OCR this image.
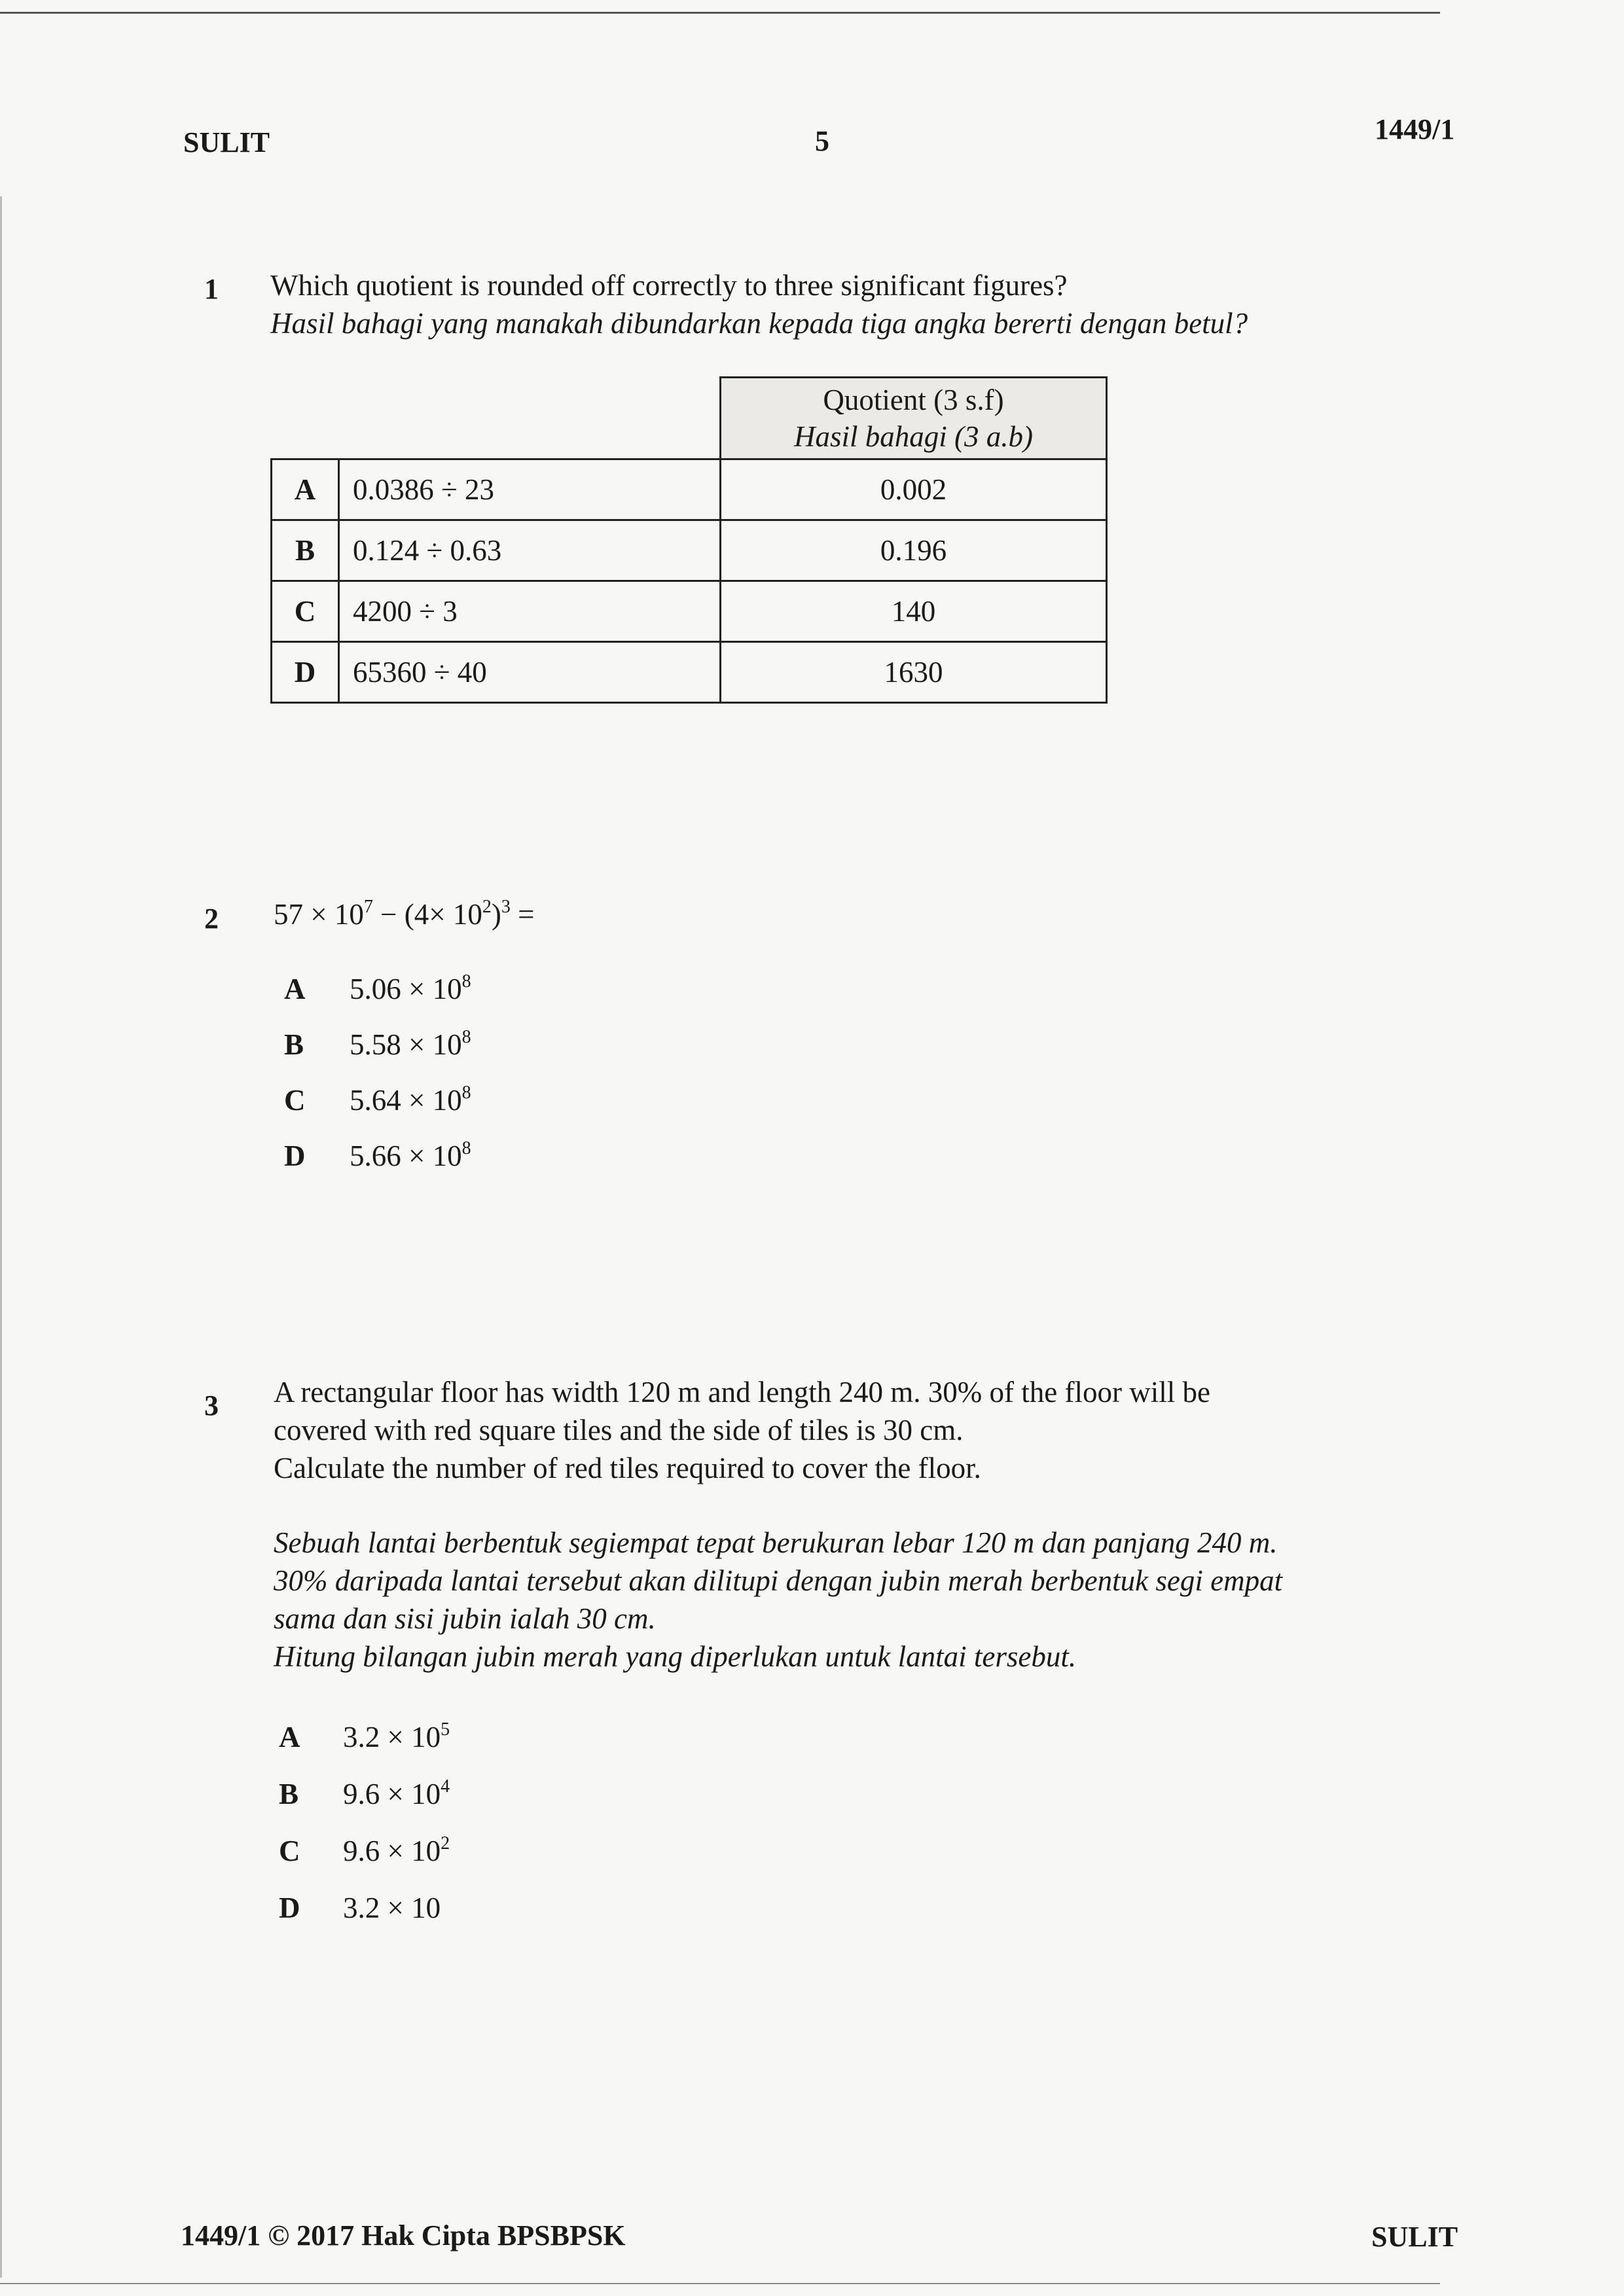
SULIT	5	1449/1
1 Which quotient is rounded off correctly to three significant figures?
Hasil bahagi yang manakah dibundarkan kepada tiga angka bererti dengan betul?

		Quotient (3 s.f)
Hasil bahagi (3 a.b)

A	0.0386 ÷ 23	0.002
B	0.124 ÷ 0.63	0.196
C	4200 ÷ 3	140
D	65360 ÷ 40	1630
2 $57 \times 10^7 - (4\times 10^2)^3$ =
A $5.06 \times 10^8$
B $5.58 \times 10^8$
C $5.64 \times 10^8$
D $5.66 \times 10^8$
3 A rectangular floor has width 120 m and length 240 m. 30% of the floor will be
covered with red square tiles and the side of tiles is 30 cm.
Calculate the number of red tiles required to cover the floor.
Sebuah lantai berbentuk segiempat tepat berukuran lebar 120 m dan panjang 240 m.
30% daripada lantai tersebut akan dilitupi dengan jubin merah berbentuk segi empat
sama dan sisi jubin ialah 30 cm.
Hitung bilangan jubin merah yang diperlukan untuk lantai tersebut.
A $3.2 \times 10^5$
B $9.6 \times 10^4$
C $9.6 \times 10^2$
D 3.2 × 10
1449/1 © 2017 Hak Cipta BPSBPSK	SULIT
